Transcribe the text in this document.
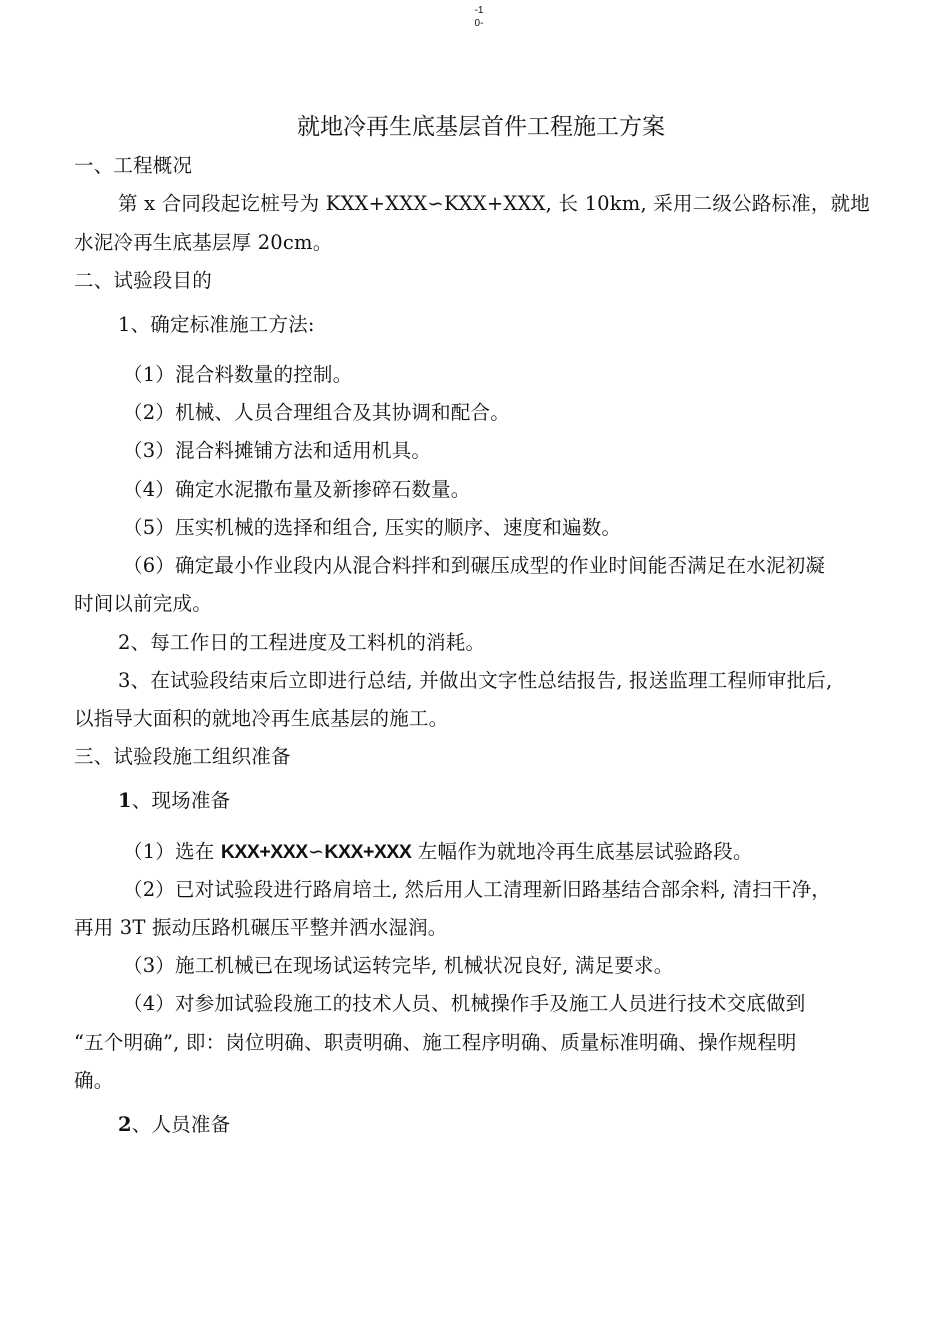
-1
0-
就地冷再生底基层首件工程施工方案
一、工程概况
第 x 合同段起讫桩号为 KXX+XXX∽KXX+XXX, 长 10km, 采用二级公路标准，就地
水泥冷再生底基层厚 20cm。
二、试验段目的
1、确定标准施工方法:
（1）混合料数量的控制。
（2）机械、人员合理组合及其协调和配合。
（3）混合料摊铺方法和适用机具。
（4）确定水泥撒布量及新掺碎石数量。
（5）压实机械的选择和组合, 压实的顺序、速度和遍数。
（6）确定最小作业段内从混合料拌和到碾压成型的作业时间能否满足在水泥初凝
时间以前完成。
2、每工作日的工程进度及工料机的消耗。
3、在试验段结束后立即进行总结, 并做出文字性总结报告, 报送监理工程师审批后,
以指导大面积的就地冷再生底基层的施工。
三、试验段施工组织准备
1、现场准备
（1）选在 KXX+XXX∽KXX+XXX 左幅作为就地冷再生底基层试验路段。
（2）已对试验段进行路肩培土, 然后用人工清理新旧路基结合部余料, 清扫干净，
再用 3T 振动压路机碾压平整并洒水湿润。
（3）施工机械已在现场试运转完毕, 机械状况良好, 满足要求。
（4）对参加试验段施工的技术人员、机械操作手及施工人员进行技术交底做到
“五个明确”, 即：岗位明确、职责明确、施工程序明确、质量标准明确、操作规程明
确。
2、人员准备
